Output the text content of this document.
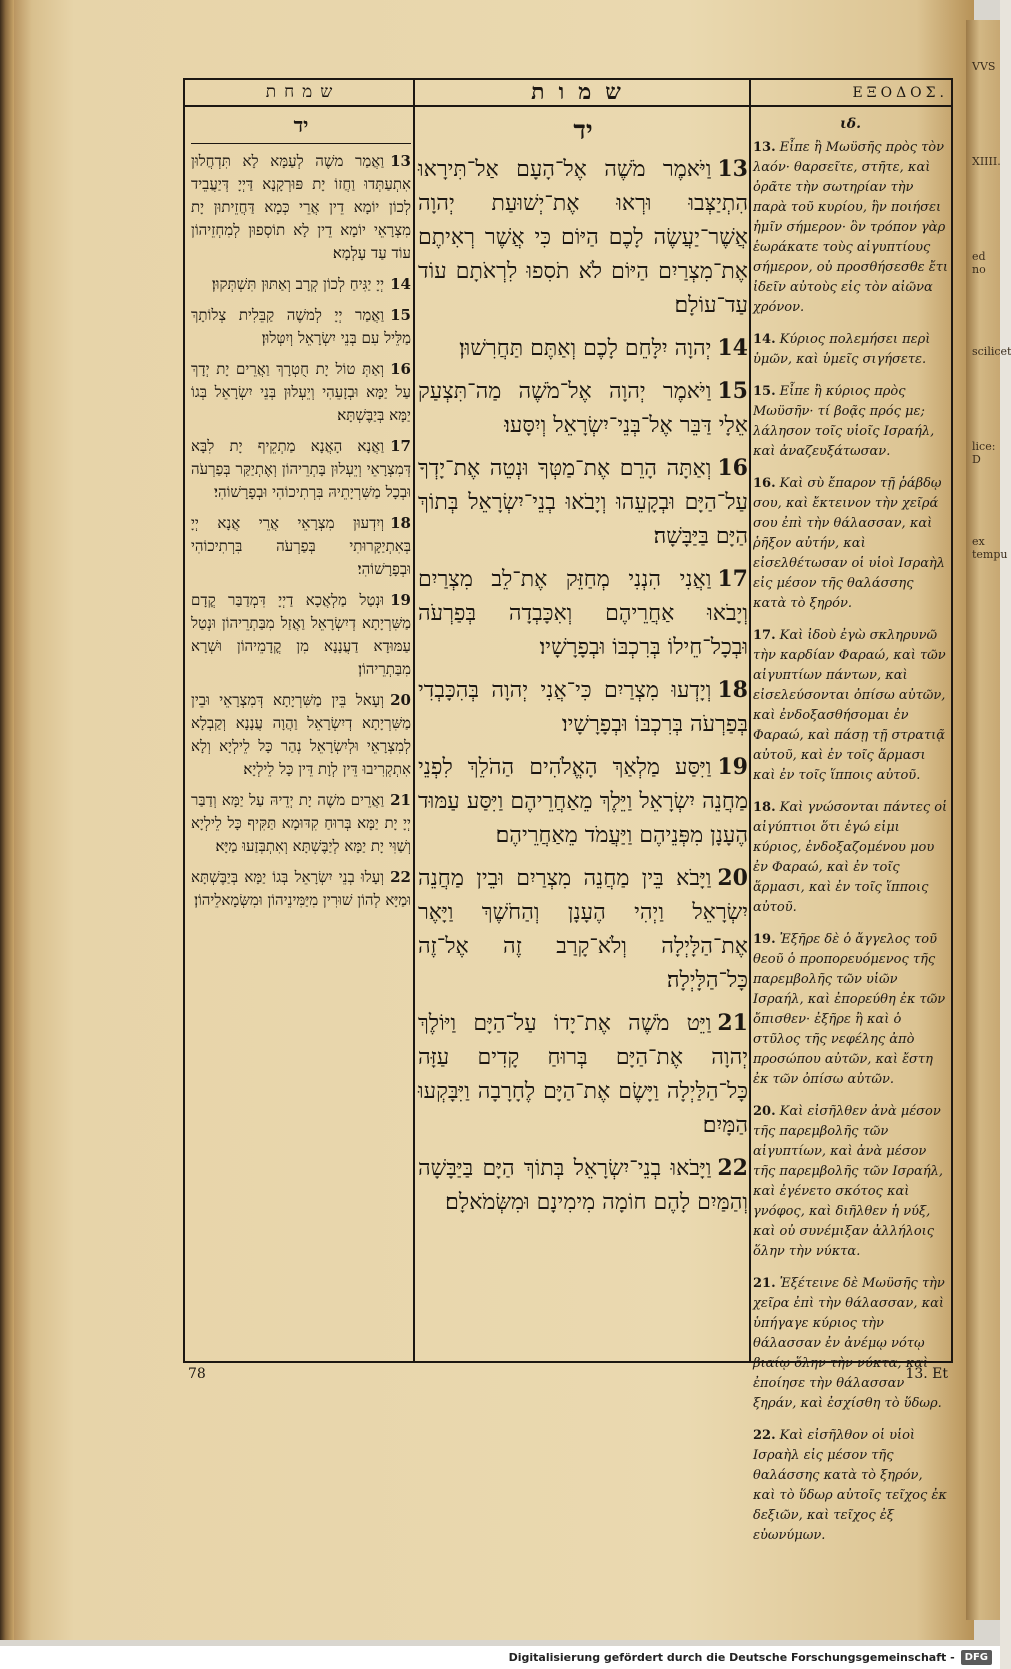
VVS
XIIII.
ed no
scilicet
lice: D
ex tempu
שמחת	שמות	ΕΞΟΔΟΣ.
יד
13וַאֲמַר משֶׁה לְעַמָּא לָא תִּדְחֲלוּן אִתְעַתְּדוּ וַחֲזוֹ יָת פּוּרְקָנָא דַּיְיָ דְּיַעֲבֵיד לְכוֹן יוֹמָא דֵין אֲרֵי כְּמָא דַּחֲזֵיתוּן יָת מִצְרָאֵי יוֹמָא דֵין לָא תוֹסְפוּן לְמִחְזֵיהוֹן עוֹד עַד עָלְמָא׃
14יְיָ יַגִּיחַ לְכוֹן קְרָב וְאַתּוּן תִּשְׁתְּקוּן׃
15וַאֲמַר יְיָ לְמשֶׁה קַבֵּלִית צְלוֹתָךְ מַלֵּיל עִם בְּנֵי יִשְׂרָאֵל וְיִטְּלוּן׃
16וְאַתְּ טוֹל יָת חֻטְרָךְ וַאֲרֵים יָת יְדָךְ עַל יַמָּא וּבְזָעֵהִי וְיֵעְלוּן בְּנֵי יִשְׂרָאֵל בְּגוֹ יַמָּא בְּיַבֶּשְׁתָּא׃
17וַאֲנָא הָאֲנָא מַתְקֵיף יָת לִבָּא דְּמִצְרָאֵי וְיֵעְלוּן בָּתְרֵיהוֹן וְאֶתְיַקַּר בְּפַרְעֹה וּבְכָל מַשִּׁרְיָתֵיהּ בִּרְתִיכוֹהִי וּבְפָרָשׁוֹהִי׃
18וְיִדְעוּן מִצְרָאֵי אֲרֵי אֲנָא יְיָ בְּאִתְיַקָּרוּתִי בְּפַרְעֹה בִּרְתִיכוֹהִי וּבְפָרָשׁוֹהִי׃
19וּנְטַל מַלְאֲכָא דַיְיָ דִּמְדַבַּר קֳדָם מַשִּׁרְיָתָא דְיִשְׂרָאֵל וַאֲזַל מִבַּתְרֵיהוֹן וּנְטַל עַמּוּדָא דַעֲנָנָא מִן קֳדָמֵיהוֹן וּשְׁרָא מִבַּתְרֵיהוֹן׃
20וְעָאל בֵּין מַשִּׁרְיָתָא דְּמִצְרָאֵי וּבֵין מַשִּׁרְיָתָא דְיִשְׂרָאֵל וַהֲוָה עֲנָנָא וְקַבְלָא לְמִצְרָאֵי וּלְיִשְׂרָאֵל נְהַר כָּל לֵילְיָא וְלָא אִתְקְרִיבוּ דֵּין לְוָת דֵּין כָּל לֵילְיָא׃
21וַאֲרֵים משֶׁה יָת יְדֵיהּ עַל יַמָּא וְדַבַּר יְיָ יָת יַמָּא בְּרוּחַ קִדּוּמָא תַּקִּיף כָּל לֵילְיָא וְשַׁוִּי יָת יַמָּא לְיַבֶּשְׁתָּא וְאִתְבְּזַעוּ מַיָּא׃
22וְעָלוּ בְנֵי יִשְׂרָאֵל בְּגוֹ יַמָּא בְּיַבֶּשְׁתָּא וּמַיָּא לְהוֹן שׁוּרִין מִיַּמִּינֵיהוֹן וּמִשְּׂמָאלֵיהוֹן׃
יד
13וַיֹּאמֶר מֹשֶׁה אֶל־הָעָם אַל־תִּירָאוּ הִתְיַצְּבוּ וּרְאוּ אֶת־יְשׁוּעַת יְהוָה אֲשֶׁר־יַעֲשֶׂה לָכֶם הַיּוֹם כִּי אֲשֶׁר רְאִיתֶם אֶת־מִצְרַיִם הַיּוֹם לֹא תֹסִפוּ לִרְאֹתָם עוֹד עַד־עוֹלָם׃
14יְהוָה יִלָּחֵם לָכֶם וְאַתֶּם תַּחֲרִשׁוּן׃
15וַיֹּאמֶר יְהוָה אֶל־מֹשֶׁה מַה־תִּצְעַק אֵלָי דַּבֵּר אֶל־בְּנֵי־יִשְׂרָאֵל וְיִסָּעוּ׃
16וְאַתָּה הָרֵם אֶת־מַטְּךָ וּנְטֵה אֶת־יָדְךָ עַל־הַיָּם וּבְקָעֵהוּ וְיָבֹאוּ בְנֵי־יִשְׂרָאֵל בְּתוֹךְ הַיָּם בַּיַּבָּשָׁה׃
17וַאֲנִי הִנְנִי מְחַזֵּק אֶת־לֵב מִצְרַיִם וְיָבֹאוּ אַחֲרֵיהֶם וְאִכָּבְדָה בְּפַרְעֹה וּבְכָל־חֵילוֹ בְּרִכְבּוֹ וּבְפָרָשָׁיו׃
18וְיָדְעוּ מִצְרַיִם כִּי־אֲנִי יְהוָה בְּהִכָּבְדִי בְּפַרְעֹה בְּרִכְבּוֹ וּבְפָרָשָׁיו׃
19וַיִּסַּע מַלְאַךְ הָאֱלֹהִים הַהֹלֵךְ לִפְנֵי מַחֲנֵה יִשְׂרָאֵל וַיֵּלֶךְ מֵאַחֲרֵיהֶם וַיִּסַּע עַמּוּד הֶעָנָן מִפְּנֵיהֶם וַיַּעֲמֹד מֵאַחֲרֵיהֶם׃
20וַיָּבֹא בֵּין מַחֲנֵה מִצְרַיִם וּבֵין מַחֲנֵה יִשְׂרָאֵל וַיְהִי הֶעָנָן וְהַחֹשֶׁךְ וַיָּאֶר אֶת־הַלָּיְלָה וְלֹא־קָרַב זֶה אֶל־זֶה כָּל־הַלָּיְלָה׃
21וַיֵּט מֹשֶׁה אֶת־יָדוֹ עַל־הַיָּם וַיּוֹלֶךְ יְהוָה אֶת־הַיָּם בְּרוּחַ קָדִים עַזָּה כָּל־הַלַּיְלָה וַיָּשֶׂם אֶת־הַיָּם לֶחָרָבָה וַיִּבָּקְעוּ הַמָּיִם׃
22וַיָּבֹאוּ בְנֵי־יִשְׂרָאֵל בְּתוֹךְ הַיָּם בַּיַּבָּשָׁה וְהַמַּיִם לָהֶם חוֹמָה מִימִינָם וּמִשְּׂמֹאלָם׃
ιδ.
13. Εἶπε ἢ Μωϋσῆς πρὸς τὸν λαόν· θαρσεῖτε, στῆτε, καὶ ὁρᾶτε τὴν σωτηρίαν τὴν παρὰ τοῦ κυρίου, ἣν ποιήσει ἡμῖν σήμερον· ὃν τρόπον γὰρ ἑωράκατε τοὺς αἰγυπτίους σήμερον, οὐ προσθήσεσθε ἔτι ἰδεῖν αὐτοὺς εἰς τὸν αἰῶνα χρόνον.
14. Κύριος πολεμήσει περὶ ὑμῶν, καὶ ὑμεῖς σιγήσετε.
15. Εἶπε ἢ κύριος πρὸς Μωϋσῆν· τί βοᾷς πρός με; λάλησον τοῖς υἱοῖς Ισραήλ, καὶ ἀναζευξάτωσαν.
16. Καὶ σὺ ἔπαρον τῇ ῥάβδῳ σου, καὶ ἔκτεινον τὴν χεῖρά σου ἐπὶ τὴν θάλασσαν, καὶ ῥῆξον αὐτήν, καὶ εἰσελθέτωσαν οἱ υἱοὶ Ισραὴλ εἰς μέσον τῆς θαλάσσης κατὰ τὸ ξηρόν.
17. Καὶ ἰδοὺ ἐγὼ σκληρυνῶ τὴν καρδίαν Φαραώ, καὶ τῶν αἰγυπτίων πάντων, καὶ εἰσελεύσονται ὀπίσω αὐτῶν, καὶ ἐνδοξασθήσομαι ἐν Φαραώ, καὶ πάσῃ τῇ στρατιᾷ αὐτοῦ, καὶ ἐν τοῖς ἅρμασι καὶ ἐν τοῖς ἵπποις αὐτοῦ.
18. Καὶ γνώσονται πάντες οἱ αἰγύπτιοι ὅτι ἐγώ εἰμι κύριος, ἐνδοξαζομένου μου ἐν Φαραώ, καὶ ἐν τοῖς ἅρμασι, καὶ ἐν τοῖς ἵπποις αὐτοῦ.
19. Ἐξῆρε δὲ ὁ ἄγγελος τοῦ θεοῦ ὁ προπορευόμενος τῆς παρεμβολῆς τῶν υἱῶν Ισραήλ, καὶ ἐπορεύθη ἐκ τῶν ὄπισθεν· ἐξῆρε ἢ καὶ ὁ στῦλος τῆς νεφέλης ἀπὸ προσώπου αὐτῶν, καὶ ἔστη ἐκ τῶν ὀπίσω αὐτῶν.
20. Καὶ εἰσῆλθεν ἀνὰ μέσον τῆς παρεμβολῆς τῶν αἰγυπτίων, καὶ ἀνὰ μέσον τῆς παρεμβολῆς τῶν Ισραήλ, καὶ ἐγένετο σκότος καὶ γνόφος, καὶ διῆλθεν ἡ νύξ, καὶ οὐ συνέμιξαν ἀλλήλοις ὅλην τὴν νύκτα.
21. Ἐξέτεινε δὲ Μωϋσῆς τὴν χεῖρα ἐπὶ τὴν θάλασσαν, καὶ ὑπήγαγε κύριος τὴν θάλασσαν ἐν ἀνέμῳ νότῳ βιαίῳ ὅλην τὴν νύκτα, καὶ ἐποίησε τὴν θάλασσαν ξηράν, καὶ ἐσχίσθη τὸ ὕδωρ.
22. Καὶ εἰσῆλθον οἱ υἱοὶ Ισραὴλ εἰς μέσον τῆς θαλάσσης κατὰ τὸ ξηρόν, καὶ τὸ ὕδωρ αὐτοῖς τεῖχος ἐκ δεξιῶν, καὶ τεῖχος ἐξ εὐωνύμων.
78	13. Et
Digitalisierung gefördert durch die Deutsche Forschungsgemeinschaft -	DFG
